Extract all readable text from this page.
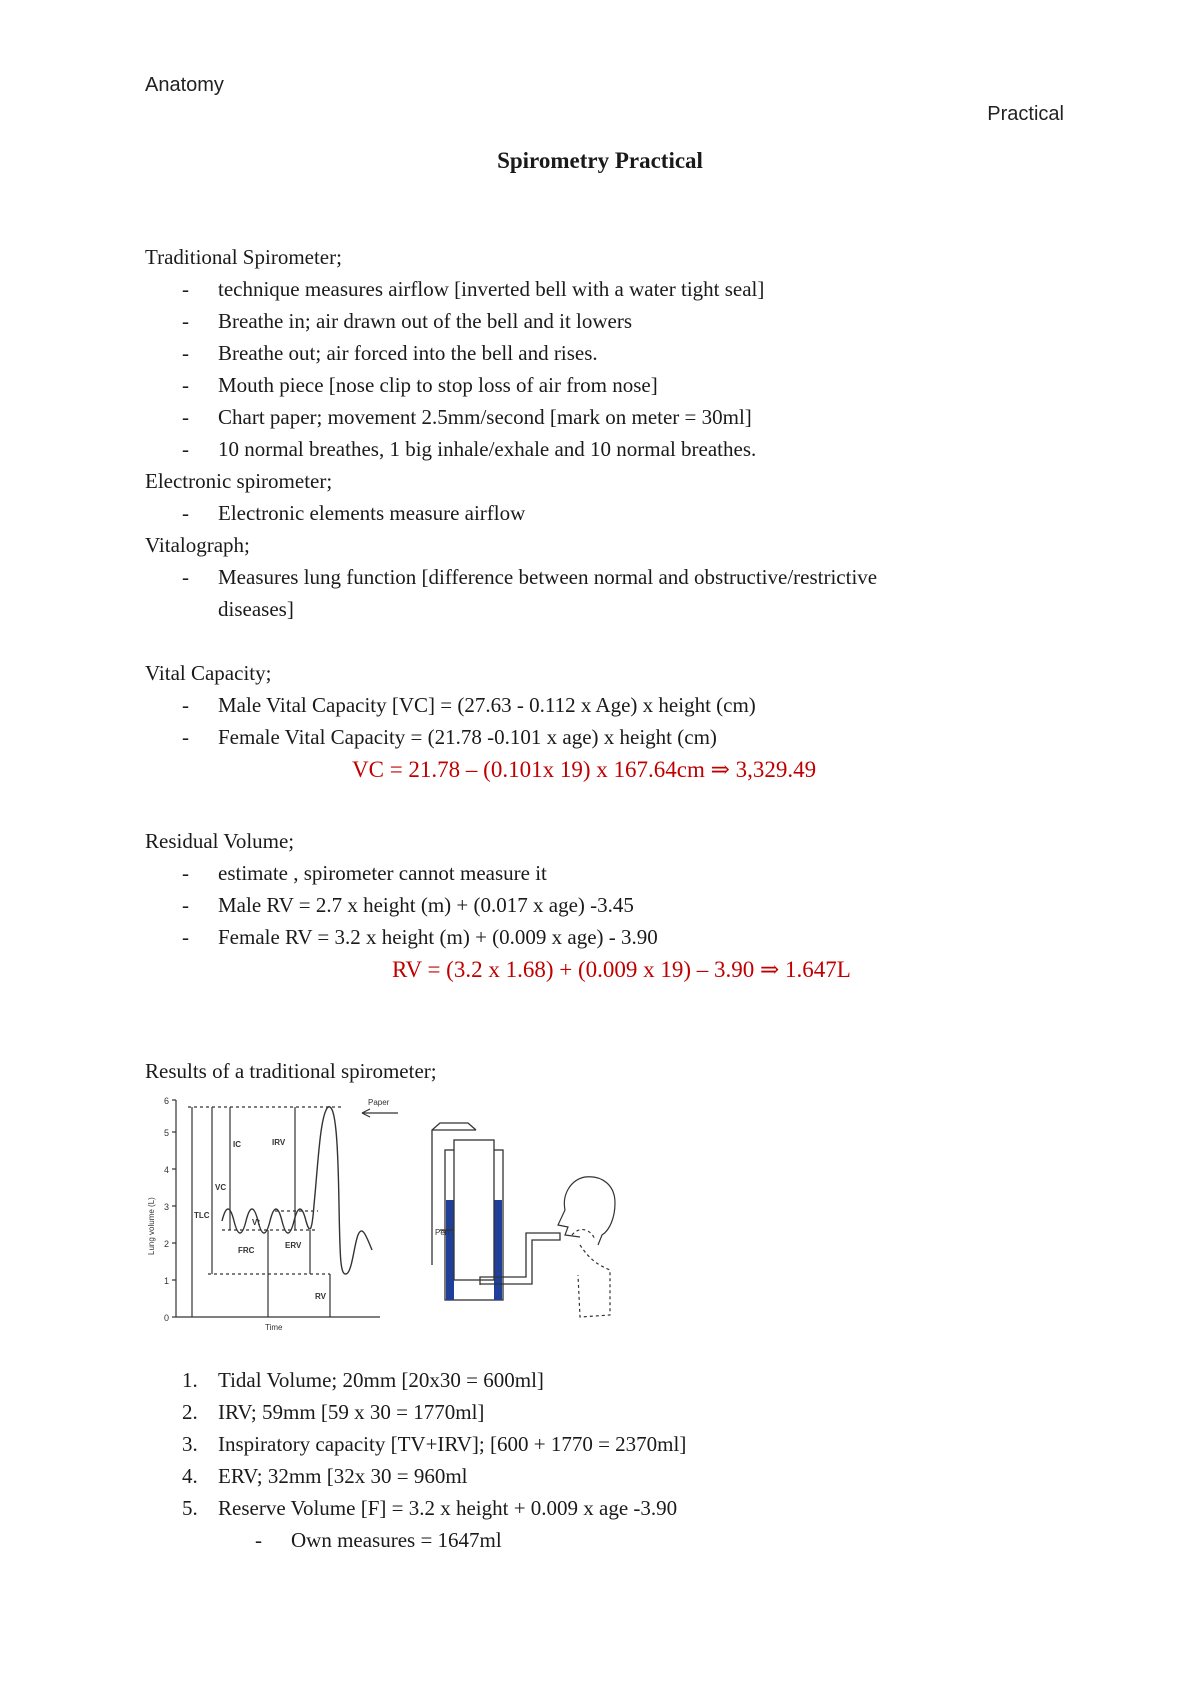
Anatomy
Practical
Spirometry Practical
Traditional Spirometer;
- technique measures airflow [inverted bell with a water tight seal]
- Breathe in; air drawn out of the bell and it lowers
- Breathe out; air forced into the bell and rises.
- Mouth piece [nose clip to stop loss of air from nose]
- Chart paper; movement 2.5mm/second [mark on meter = 30ml]
- 10 normal breathes, 1 big inhale/exhale and 10 normal breathes.
Electronic spirometer;
- Electronic elements measure airflow
Vitalograph;
- Measures lung function [difference between normal and obstructive/restrictive
diseases]
Vital Capacity;
- Male Vital Capacity [VC] = (27.63 - 0.112 x Age) x height (cm)
- Female Vital Capacity = (21.78 -0.101 x age) x height (cm)
VC = 21.78 – (0.101x 19) x 167.64cm ⇒ 3,329.49
Residual Volume;
- estimate , spirometer cannot measure it
- Male RV = 2.7 x height (m) + (0.017 x age) -3.45
- Female RV = 3.2 x height (m) + (0.009 x age) - 3.90
RV = (3.2 x 1.68) + (0.009 x 19) – 3.90 ⇒ 1.647L
Results of a traditional spirometer;
0
1
2
3
4
5
6
Lung volume (L)
Time
Paper
IC	IRV
VC
TLC
Vt
FRC
ERV
RV
Pen
1. Tidal Volume; 20mm [20x30 = 600ml]
2. IRV; 59mm [59 x 30 = 1770ml]
3. Inspiratory capacity [TV+IRV]; [600 + 1770 = 2370ml]
4. ERV; 32mm [32x 30 = 960ml
5. Reserve Volume [F] = 3.2 x height + 0.009 x age -3.90
- Own measures = 1647ml
